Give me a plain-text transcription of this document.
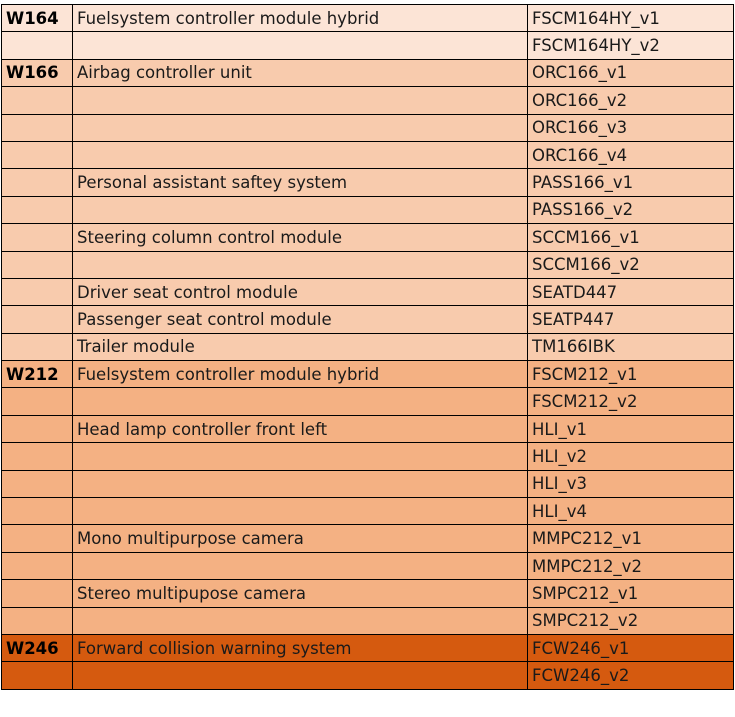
W164	Fuelsystem controller module hybrid	FSCM164HY_v1
		FSCM164HY_v2
W166	Airbag controller unit	ORC166_v1
		ORC166_v2
		ORC166_v3
		ORC166_v4
	Personal assistant saftey system	PASS166_v1
		PASS166_v2
	Steering column control module	SCCM166_v1
		SCCM166_v2
	Driver seat control module	SEATD447
	Passenger seat control module	SEATP447
	Trailer module	TM166IBK
W212	Fuelsystem controller module hybrid	FSCM212_v1
		FSCM212_v2
	Head lamp controller front left	HLI_v1
		HLI_v2
		HLI_v3
		HLI_v4
	Mono multipurpose camera	MMPC212_v1
		MMPC212_v2
	Stereo multipupose camera	SMPC212_v1
		SMPC212_v2
W246	Forward collision warning system	FCW246_v1
		FCW246_v2
